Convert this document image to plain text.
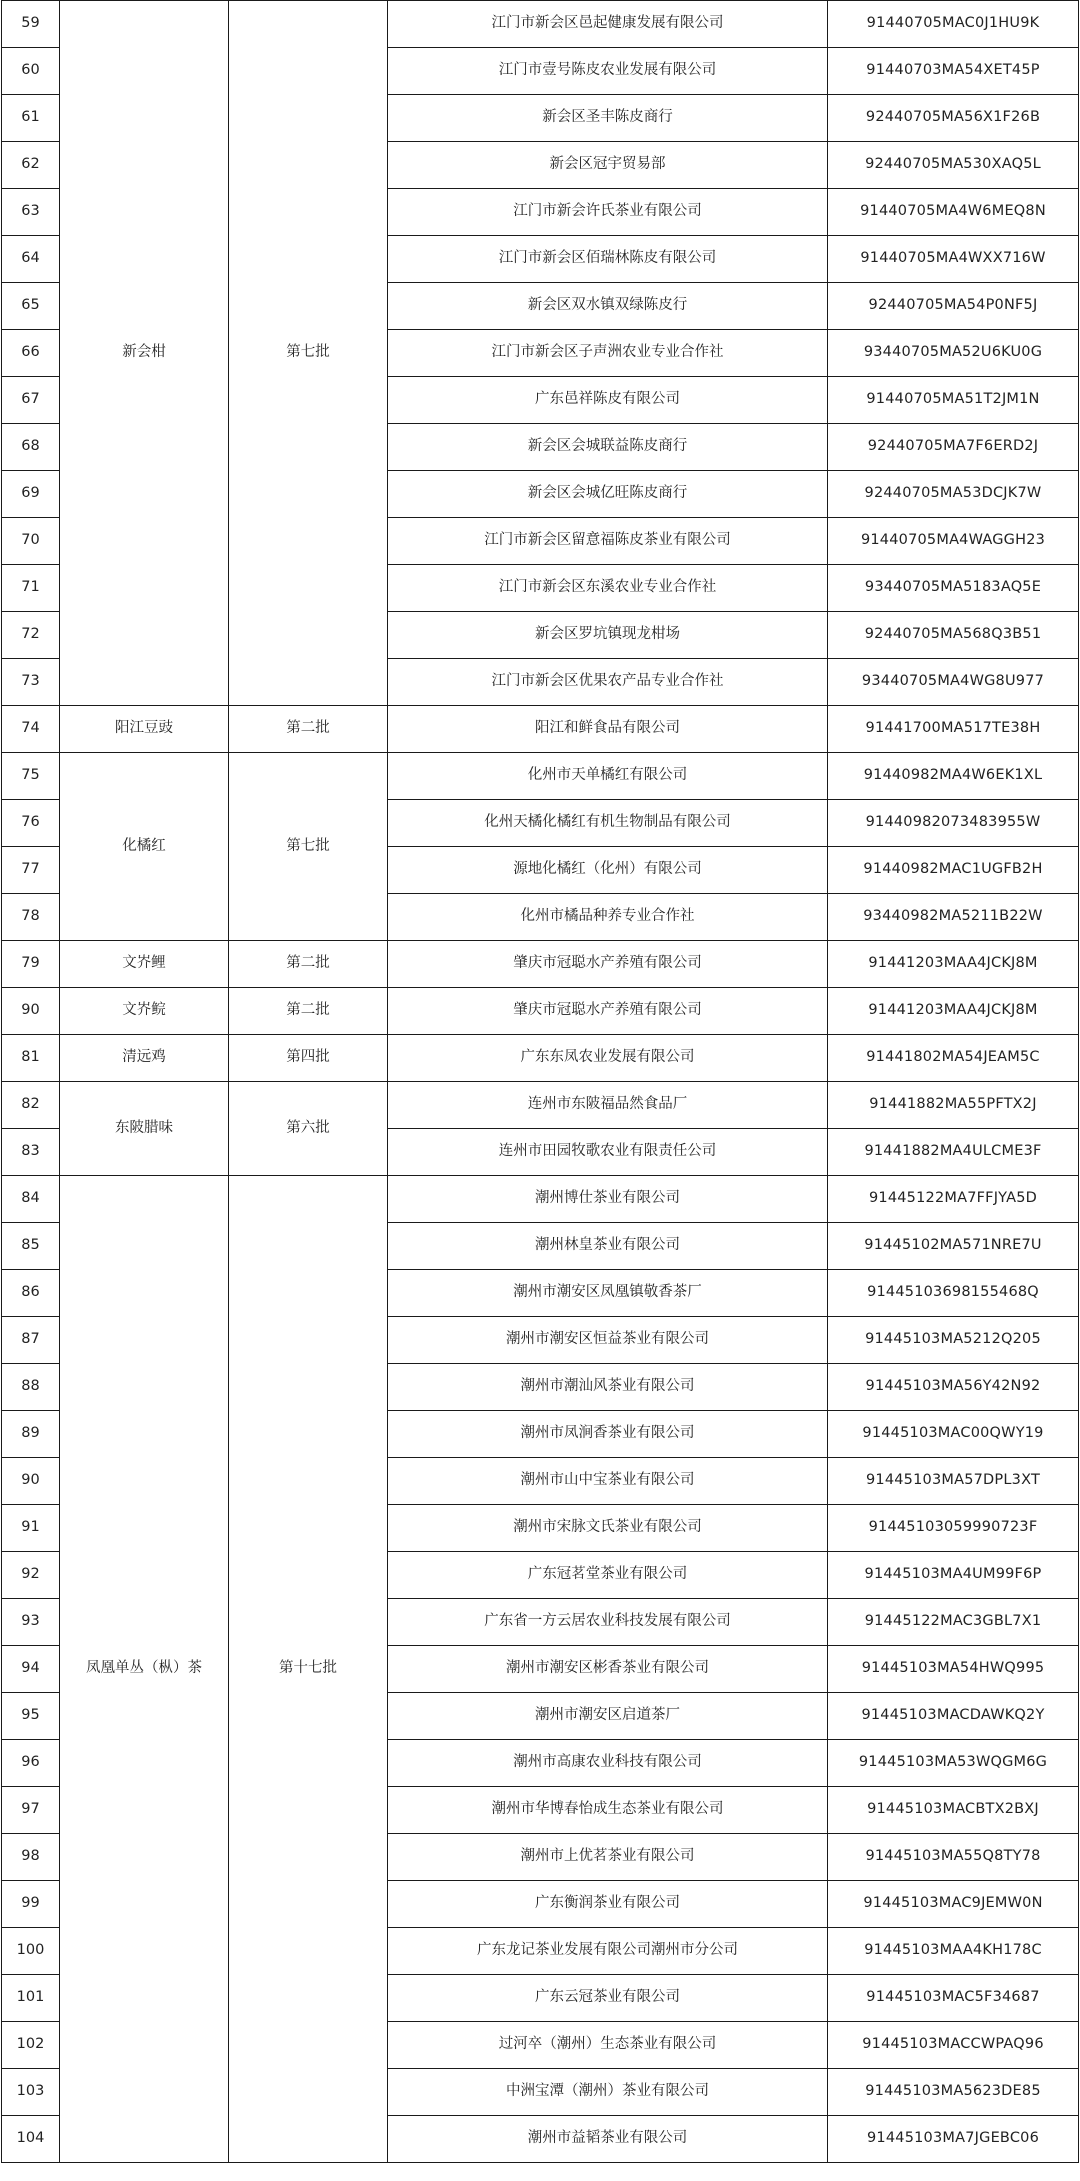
59	新会柑	第七批	江门市新会区邑起健康发展有限公司	91440705MAC0J1HU9K
60			江门市壹号陈皮农业发展有限公司	91440703MA54XET45P
61			新会区圣丰陈皮商行	92440705MA56X1F26B
62			新会区冠宇贸易部	92440705MA530XAQ5L
63			江门市新会许氏茶业有限公司	91440705MA4W6MEQ8N
64			江门市新会区佰瑞林陈皮有限公司	91440705MA4WXX716W
65			新会区双水镇双绿陈皮行	92440705MA54P0NF5J
66			江门市新会区子声洲农业专业合作社	93440705MA52U6KU0G
67			广东邑祥陈皮有限公司	91440705MA51T2JM1N
68			新会区会城联益陈皮商行	92440705MA7F6ERD2J
69			新会区会城亿旺陈皮商行	92440705MA53DCJK7W
70			江门市新会区留意福陈皮茶业有限公司	91440705MA4WAGGH23
71			江门市新会区东溪农业专业合作社	93440705MA5183AQ5E
72			新会区罗坑镇现龙柑场	92440705MA568Q3B51
73			江门市新会区优果农产品专业合作社	93440705MA4WG8U977
74	阳江豆豉	第二批	阳江和鲜食品有限公司	91441700MA517TE38H
75	化橘红	第七批	化州市天单橘红有限公司	91440982MA4W6EK1XL
76			化州天橘化橘红有机生物制品有限公司	91440982073483955W
77			源地化橘红（化州）有限公司	91440982MAC1UGFB2H
78			化州市橘品种养专业合作社	93440982MA5211B22W
79	文岕鲤	第二批	肇庆市冠聪水产养殖有限公司	91441203MAA4JCKJ8M
90	文岕鲩	第二批	肇庆市冠聪水产养殖有限公司	91441203MAA4JCKJ8M
81	清远鸡	第四批	广东东凤农业发展有限公司	91441802MA54JEAM5C
82	东陂腊味	第六批	连州市东陂福品然食品厂	91441882MA55PFTX2J
83			连州市田园牧歌农业有限责任公司	91441882MA4ULCME3F
84	凤凰单丛（枞）茶	第十七批	潮州博仕茶业有限公司	91445122MA7FFJYA5D
85			潮州林皇茶业有限公司	91445102MA571NRE7U
86			潮州市潮安区凤凰镇敬香茶厂	91445103698155468Q
87			潮州市潮安区恒益茶业有限公司	91445103MA5212Q205
88			潮州市潮汕风茶业有限公司	91445103MA56Y42N92
89			潮州市凤涧香茶业有限公司	91445103MAC00QWY19
90			潮州市山中宝茶业有限公司	91445103MA57DPL3XT
91			潮州市宋脉文氏茶业有限公司	91445103059990723F
92			广东冠茗堂茶业有限公司	91445103MA4UM99F6P
93			广东省一方云居农业科技发展有限公司	91445122MAC3GBL7X1
94			潮州市潮安区彬香茶业有限公司	91445103MA54HWQ995
95			潮州市潮安区启道茶厂	91445103MACDAWKQ2Y
96			潮州市高康农业科技有限公司	91445103MA53WQGM6G
97			潮州市华博春怡成生态茶业有限公司	91445103MACBTX2BXJ
98			潮州市上优茗茶业有限公司	91445103MA55Q8TY78
99			广东衡润茶业有限公司	91445103MAC9JEMW0N
100			广东龙记茶业发展有限公司潮州市分公司	91445103MAA4KH178C
101			广东云冠茶业有限公司	91445103MAC5F34687
102			过河卒（潮州）生态茶业有限公司	91445103MACCWPAQ96
103			中洲宝潭（潮州）茶业有限公司	91445103MA5623DE85
104			潮州市益韬茶业有限公司	91445103MA7JGEBC06
